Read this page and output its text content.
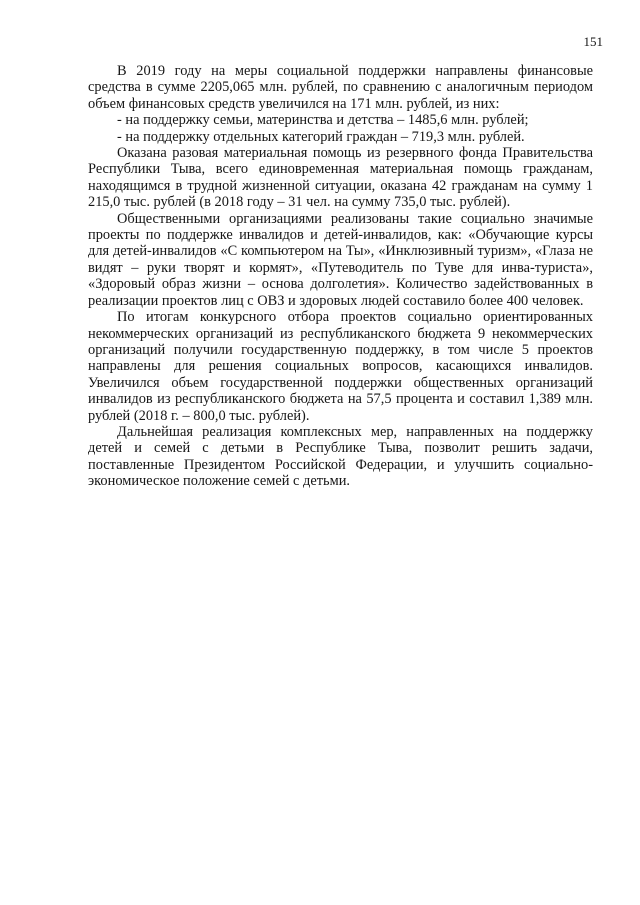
151

В 2019 году на меры социальной поддержки направлены финансовые средства в сумме 2205,065 млн. рублей, по сравнению с аналогичным периодом объем финансовых средств увеличился на 171 млн. рублей, из них:

- на поддержку семьи, материнства и детства – 1485,6 млн. рублей;

- на поддержку отдельных категорий граждан – 719,3 млн. рублей.

Оказана разовая материальная помощь из резервного фонда Правительства Республики Тыва, всего единовременная материальная помощь гражданам, находящимся в трудной жизненной ситуации, оказана 42 гражданам на сумму 1 215,0 тыс. рублей (в 2018 году – 31 чел. на сумму 735,0 тыс. рублей).

Общественными организациями реализованы такие социально значимые проекты по поддержке инвалидов и детей-инвалидов, как: «Обучающие курсы для детей-инвалидов «С компьютером на Ты», «Инклюзивный туризм», «Глаза не видят – руки творят и кормят», «Путеводитель по Туве для инва-туриста», «Здоровый образ жизни – основа долголетия». Количество задействованных в реализации проектов лиц с ОВЗ и здоровых людей составило более 400 человек.

По итогам конкурсного отбора проектов социально ориентированных некоммерческих организаций из республиканского бюджета 9 некоммерческих организаций получили государственную поддержку, в том числе 5 проектов направлены для решения социальных вопросов, касающихся инвалидов. Увеличился объем государственной поддержки общественных организаций инвалидов из республиканского бюджета на 57,5 процента и составил 1,389 млн. рублей (2018 г. – 800,0 тыс. рублей).

Дальнейшая реализация комплексных мер, направленных на поддержку детей и семей с детьми в Республике Тыва, позволит решить задачи, поставленные Президентом Российской Федерации, и улучшить социально-экономическое положение семей с детьми.
